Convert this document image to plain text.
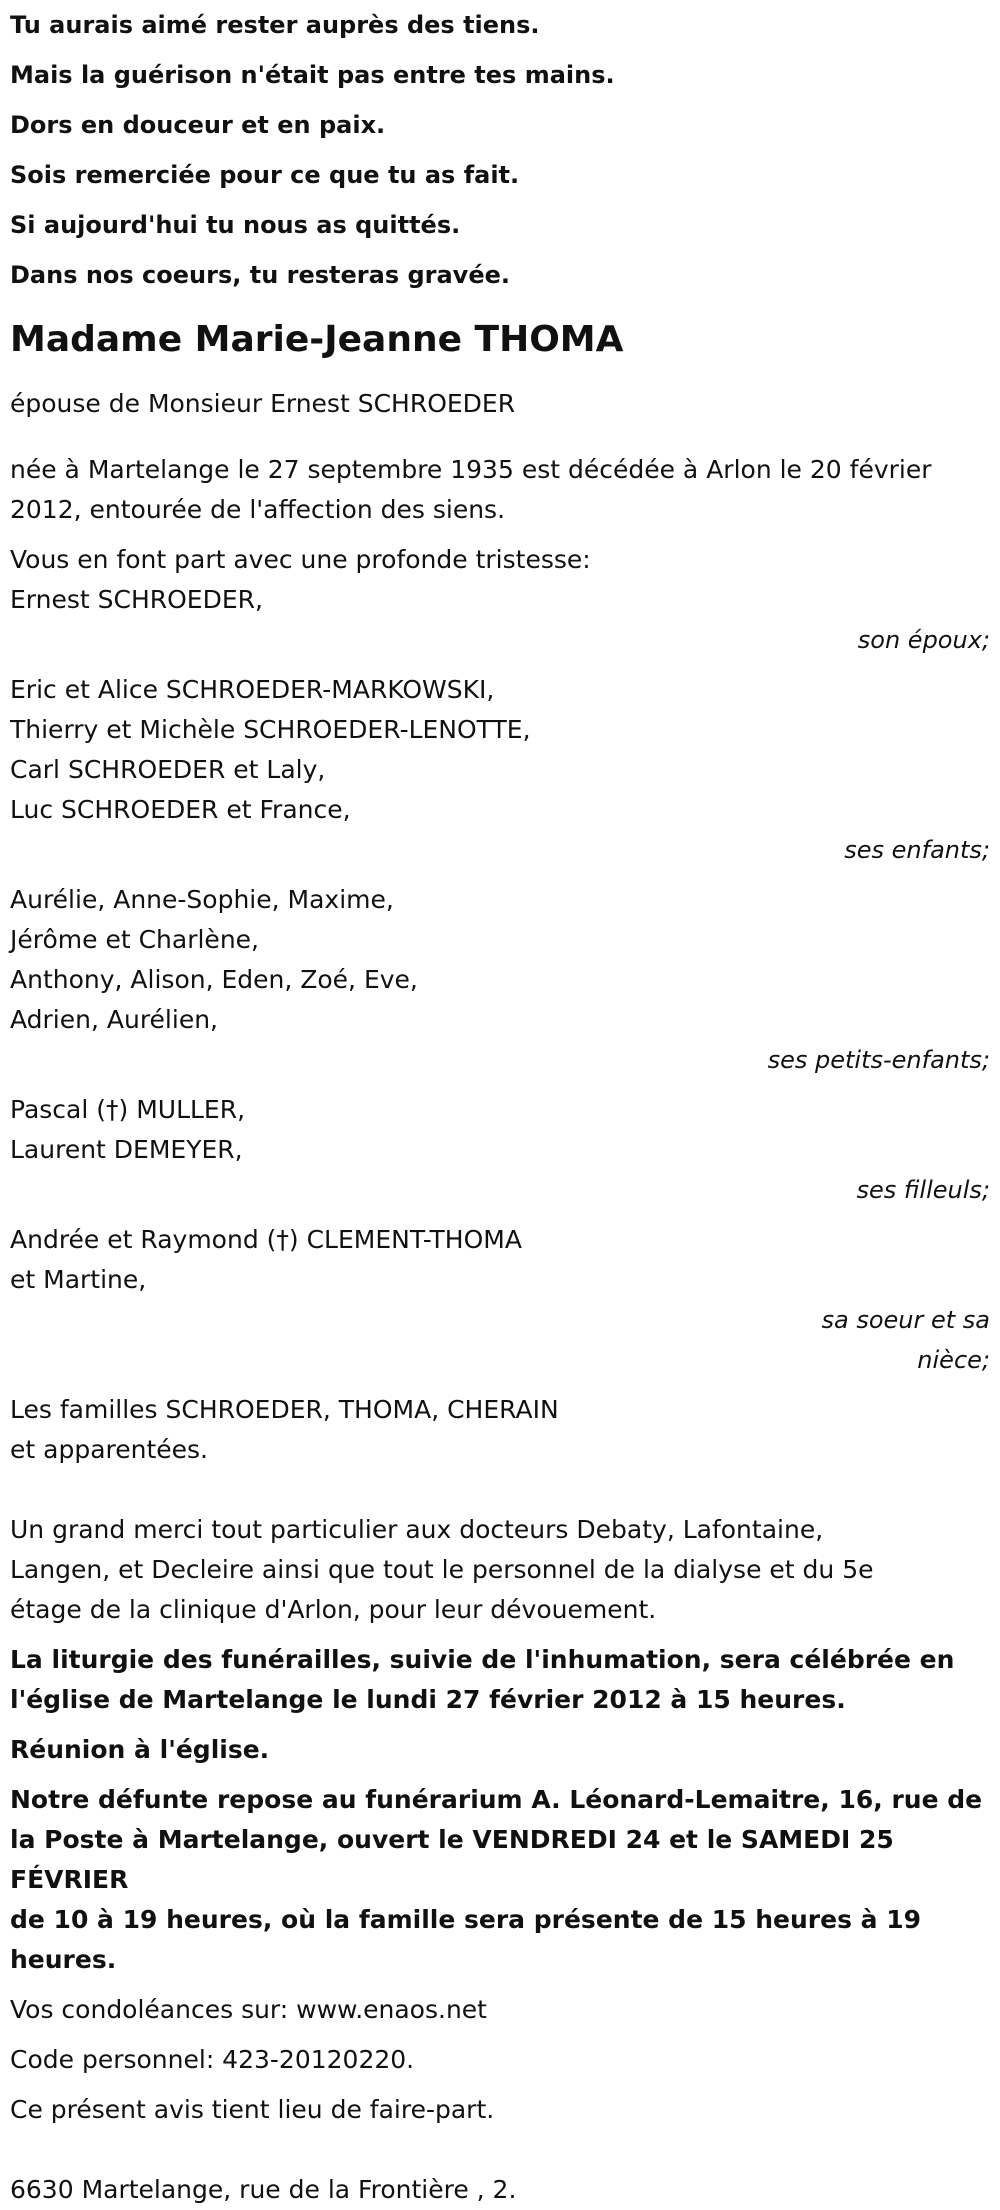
Tu aurais aimé rester auprès des tiens.
Mais la guérison n'était pas entre tes mains.
Dors en douceur et en paix.
Sois remerciée pour ce que tu as fait.
Si aujourd'hui tu nous as quittés.
Dans nos coeurs, tu resteras gravée.
Madame Marie-Jeanne THOMA
épouse de Monsieur Ernest SCHROEDER
née à Martelange le 27 septembre 1935 est décédée à Arlon le 20 février
2012, entourée de l'affection des siens.
Vous en font part avec une profonde tristesse:
Ernest SCHROEDER,
son époux;
Eric et Alice SCHROEDER-MARKOWSKI,
Thierry et Michèle SCHROEDER-LENOTTE,
Carl SCHROEDER et Laly,
Luc SCHROEDER et France,
ses enfants;
Aurélie, Anne-Sophie, Maxime,
Jérôme et Charlène,
Anthony, Alison, Eden, Zoé, Eve,
Adrien, Aurélien,
ses petits-enfants;
Pascal (†) MULLER,
Laurent DEMEYER,
ses filleuls;
Andrée et Raymond (†) CLEMENT-THOMA
et Martine,
sa soeur et sa
nièce;
Les familles SCHROEDER, THOMA, CHERAIN
et apparentées.
Un grand merci tout particulier aux docteurs Debaty, Lafontaine,
Langen, et Decleire ainsi que tout le personnel de la dialyse et du 5e
étage de la clinique d'Arlon, pour leur dévouement.
La liturgie des funérailles, suivie de l'inhumation, sera célébrée en
l'église de Martelange le lundi 27 février 2012 à 15 heures.
Réunion à l'église.
Notre défunte repose au funérarium A. Léonard-Lemaitre, 16, rue de
la Poste à Martelange, ouvert le VENDREDI 24 et le SAMEDI 25 FÉVRIER
de 10 à 19 heures, où la famille sera présente de 15 heures à 19
heures.
Vos condoléances sur: www.enaos.net
Code personnel: 423-20120220.
Ce présent avis tient lieu de faire-part.
6630 Martelange, rue de la Frontière , 2.
